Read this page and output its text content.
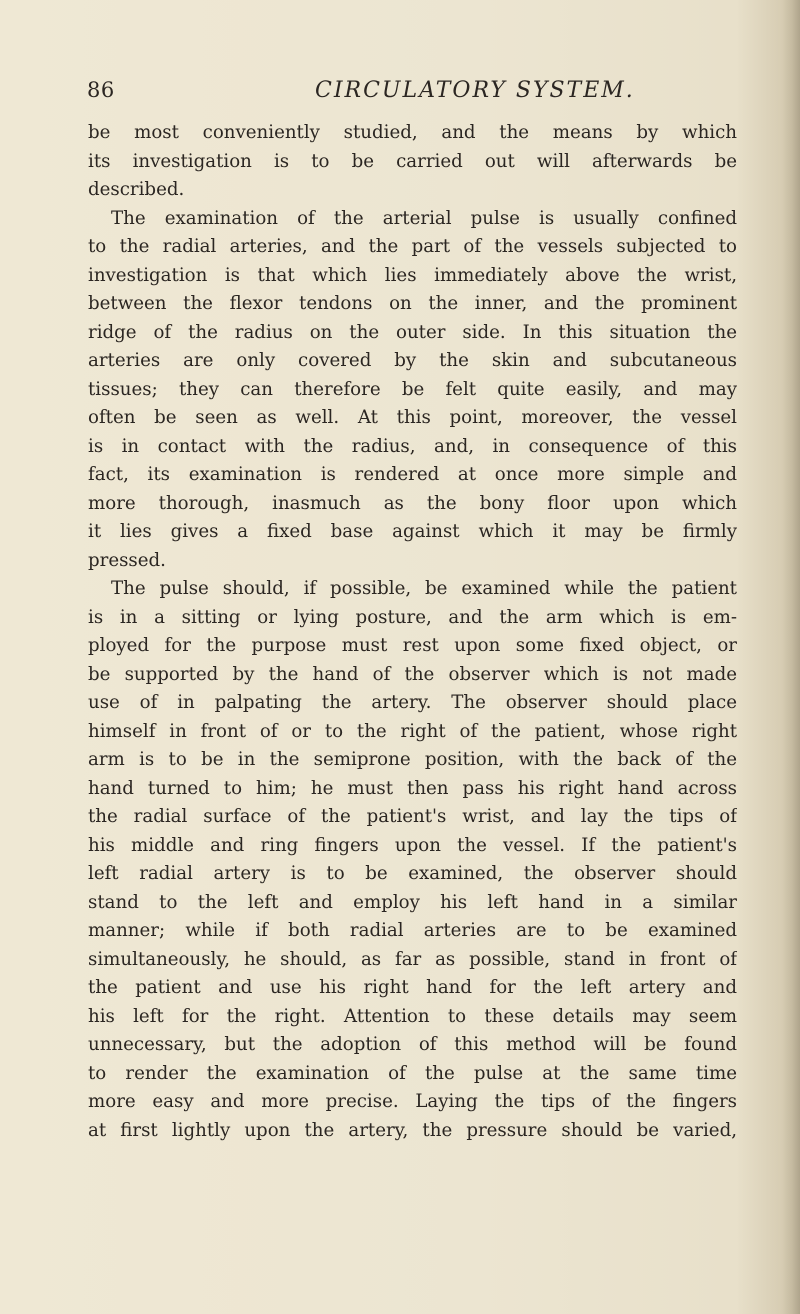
86	CIRCULATORY SYSTEM.
be most conveniently studied, and the means by which
its investigation is to be carried out will afterwards be
described.
The examination of the arterial pulse is usually confined
to the radial arteries, and the part of the vessels subjected to
investigation is that which lies immediately above the wrist,
between the flexor tendons on the inner, and the prominent
ridge of the radius on the outer side. In this situation the
arteries are only covered by the skin and subcutaneous
tissues; they can therefore be felt quite easily, and may
often be seen as well. At this point, moreover, the vessel
is in contact with the radius, and, in consequence of this
fact, its examination is rendered at once more simple and
more thorough, inasmuch as the bony floor upon which
it lies gives a fixed base against which it may be firmly
pressed.
The pulse should, if possible, be examined while the patient
is in a sitting or lying posture, and the arm which is em-
ployed for the purpose must rest upon some fixed object, or
be supported by the hand of the observer which is not made
use of in palpating the artery. The observer should place
himself in front of or to the right of the patient, whose right
arm is to be in the semiprone position, with the back of the
hand turned to him; he must then pass his right hand across
the radial surface of the patient's wrist, and lay the tips of
his middle and ring fingers upon the vessel. If the patient's
left radial artery is to be examined, the observer should
stand to the left and employ his left hand in a similar
manner; while if both radial arteries are to be examined
simultaneously, he should, as far as possible, stand in front of
the patient and use his right hand for the left artery and
his left for the right. Attention to these details may seem
unnecessary, but the adoption of this method will be found
to render the examination of the pulse at the same time
more easy and more precise. Laying the tips of the fingers
at first lightly upon the artery, the pressure should be varied,
